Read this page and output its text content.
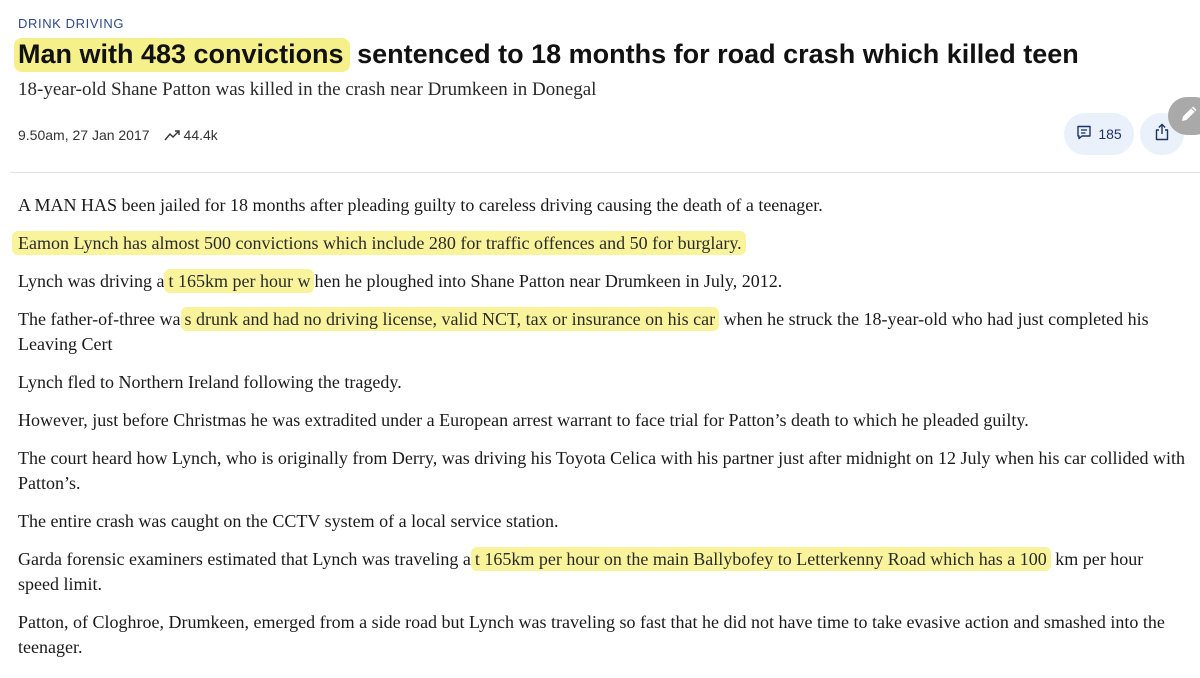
DRINK DRIVING
Man with 483 convictions sentenced to 18 months for road crash which killed teen
18-year-old Shane Patton was killed in the crash near Drumkeen in Donegal
9.50am, 27 Jan 2017 44.4k	185

A MAN HAS been jailed for 18 months after pleading guilty to careless driving causing the death of a teenager.

Eamon Lynch has almost 500 convictions which include 280 for traffic offences and 50 for burglary.

Lynch was driving a t 165km per hour w hen he ploughed into Shane Patton near Drumkeen in July, 2012.

The father-of-three wa s drunk and had no driving license, valid NCT, tax or insurance on his car when he struck the 18-year-old who had just completed his Leaving Cert

Lynch fled to Northern Ireland following the tragedy.

However, just before Christmas he was extradited under a European arrest warrant to face trial for Patton’s death to which he pleaded guilty.

The court heard how Lynch, who is originally from Derry, was driving his Toyota Celica with his partner just after midnight on 12 July when his car collided with Patton’s.

The entire crash was caught on the CCTV system of a local service station.

Garda forensic examiners estimated that Lynch was traveling a t 165km per hour on the main Ballybofey to Letterkenny Road which has a 100 km per hour speed limit.

Patton, of Cloghroe, Drumkeen, emerged from a side road but Lynch was traveling so fast that he did not have time to take evasive action and smashed into the teenager.
